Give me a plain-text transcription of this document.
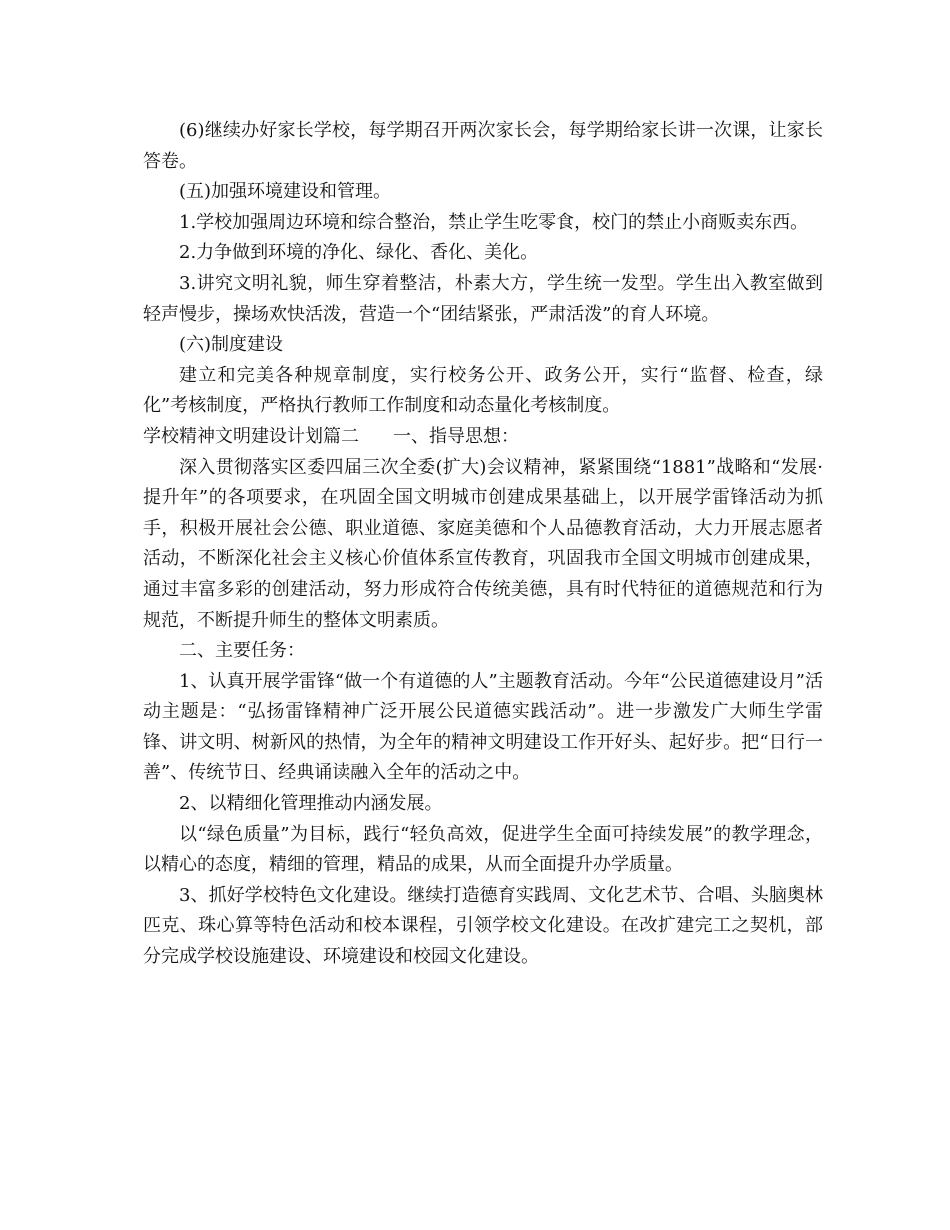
(6)继续办好家长学校，每学期召开两次家长会，每学期给家长讲一次课，让家长答卷。

(五)加强环境建设和管理。

1.学校加强周边环境和综合整治，禁止学生吃零食，校门的禁止小商贩卖东西。

2.力争做到环境的净化、绿化、香化、美化。

3.讲究文明礼貌，师生穿着整洁，朴素大方，学生统一发型。学生出入教室做到轻声慢步，操场欢快活泼，营造一个“团结紧张，严肃活泼”的育人环境。

(六)制度建设

建立和完美各种规章制度，实行校务公开、政务公开，实行“监督、检查，绿化”考核制度，严格执行教师工作制度和动态量化考核制度。

学校精神文明建设计划篇二 一、指导思想：

深入贯彻落实区委四届三次全委(扩大)会议精神，紧紧围绕“1881”战略和“发展·提升年”的各项要求，在巩固全国文明城市创建成果基础上，以开展学雷锋活动为抓手，积极开展社会公德、职业道德、家庭美德和个人品德教育活动，大力开展志愿者活动，不断深化社会主义核心价值体系宣传教育，巩固我市全国文明城市创建成果，通过丰富多彩的创建活动，努力形成符合传统美德，具有时代特征的道德规范和行为规范，不断提升师生的整体文明素质。

二、主要任务：

1、认真开展学雷锋“做一个有道德的人”主题教育活动。今年“公民道德建设月”活动主题是：“弘扬雷锋精神广泛开展公民道德实践活动”。进一步激发广大师生学雷锋、讲文明、树新风的热情，为全年的精神文明建设工作开好头、起好步。把“日行一善”、传统节日、经典诵读融入全年的活动之中。

2、以精细化管理推动内涵发展。

以“绿色质量”为目标，践行“轻负高效，促进学生全面可持续发展”的教学理念，以精心的态度，精细的管理，精品的成果，从而全面提升办学质量。

3、抓好学校特色文化建设。继续打造德育实践周、文化艺术节、合唱、头脑奥林匹克、珠心算等特色活动和校本课程，引领学校文化建设。在改扩建完工之契机，部分完成学校设施建设、环境建设和校园文化建设。
